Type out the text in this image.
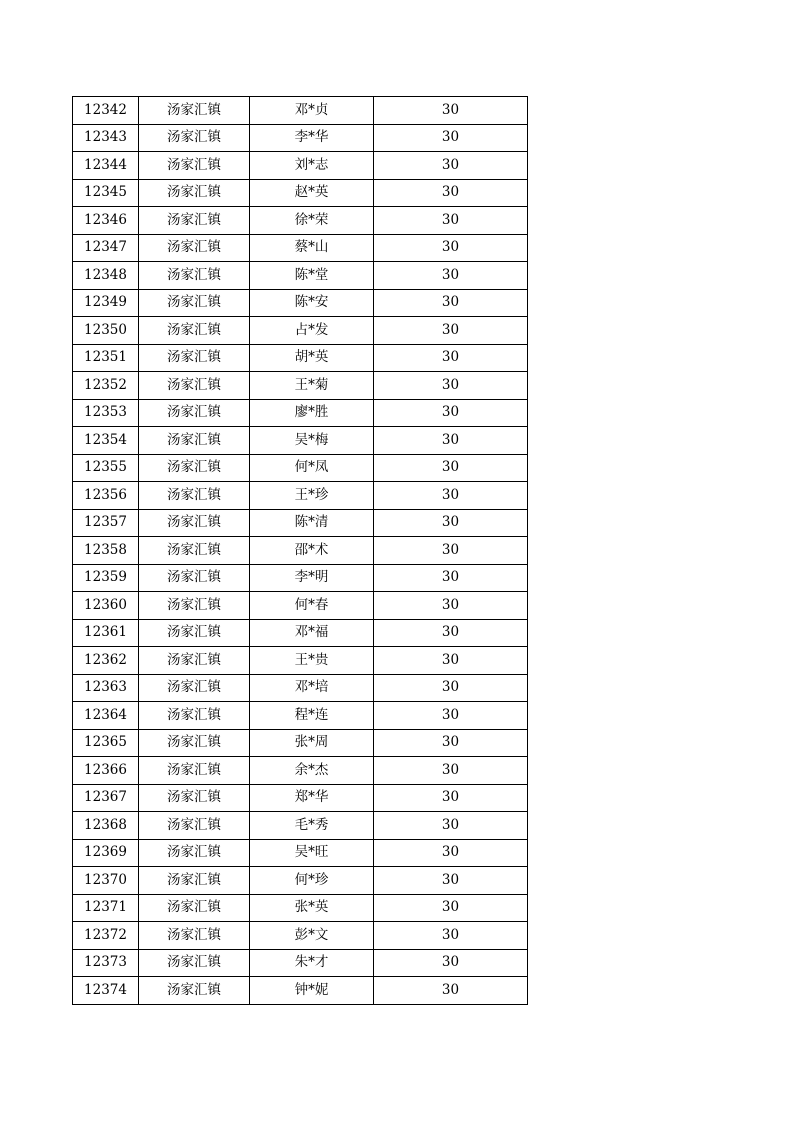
12342	汤家汇镇	邓*贞	30
12343	汤家汇镇	李*华	30
12344	汤家汇镇	刘*志	30
12345	汤家汇镇	赵*英	30
12346	汤家汇镇	徐*荣	30
12347	汤家汇镇	蔡*山	30
12348	汤家汇镇	陈*堂	30
12349	汤家汇镇	陈*安	30
12350	汤家汇镇	占*发	30
12351	汤家汇镇	胡*英	30
12352	汤家汇镇	王*菊	30
12353	汤家汇镇	廖*胜	30
12354	汤家汇镇	吴*梅	30
12355	汤家汇镇	何*凤	30
12356	汤家汇镇	王*珍	30
12357	汤家汇镇	陈*清	30
12358	汤家汇镇	邵*术	30
12359	汤家汇镇	李*明	30
12360	汤家汇镇	何*春	30
12361	汤家汇镇	邓*福	30
12362	汤家汇镇	王*贵	30
12363	汤家汇镇	邓*培	30
12364	汤家汇镇	程*连	30
12365	汤家汇镇	张*周	30
12366	汤家汇镇	余*杰	30
12367	汤家汇镇	郑*华	30
12368	汤家汇镇	毛*秀	30
12369	汤家汇镇	吴*旺	30
12370	汤家汇镇	何*珍	30
12371	汤家汇镇	张*英	30
12372	汤家汇镇	彭*文	30
12373	汤家汇镇	朱*才	30
12374	汤家汇镇	钟*妮	30
